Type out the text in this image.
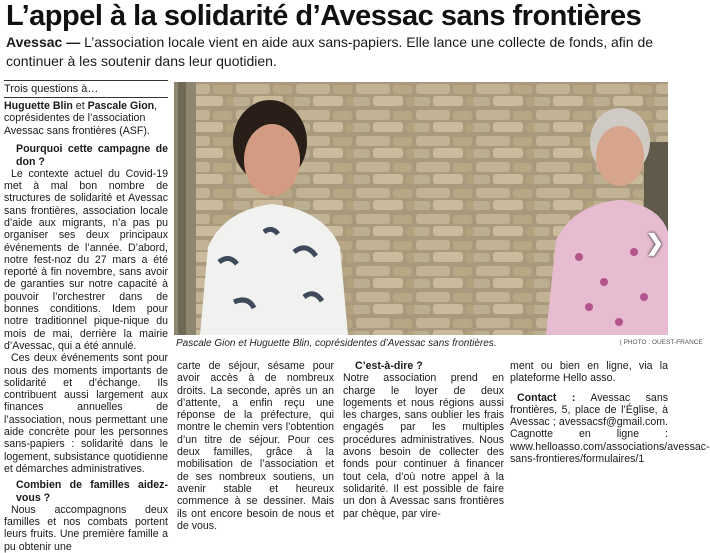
L’appel à la solidarité d’Avessac sans frontières
Avessac — L’association locale vient en aide aux sans-papiers. Elle lance une collecte de fonds, afin de continuer à les soutenir dans leur quotidien.
Trois questions à…
Huguette Blin et Pascale Gion, coprésidentes de l’association Avessac sans frontières (ASF).

Pourquoi cette campagne de don ?

Le contexte actuel du Covid-19 met à mal bon nombre de structures de solidarité et Avessac sans frontières, association locale d’aide aux migrants, n’a pas pu organiser ses deux principaux événements de l’année. D’abord, notre fest-noz du 27 mars a été reporté à fin novembre, sans avoir de garanties sur notre capacité à pouvoir l’orchestrer dans de bonnes conditions. Idem pour notre traditionnel pique-nique du mois de mai, derrière la mairie d’Avessac, qui a été annulé.

Ces deux événements sont pour nous des moments importants de solidarité et d’échange. Ils contribuent aussi largement aux finances annuelles de l’association, nous permettant une aide concrète pour les personnes sans-papiers : solidarité dans le logement, subsistance quotidienne et démarches administratives.

Combien de familles aidez-vous ?

Nous accompagnons deux familles et nos combats portent leurs fruits. Une première famille a pu obtenir une

❯
Pascale Gion et Huguette Blin, coprésidentes d’Avessac sans frontières.	| PHOTO : OUEST-FRANCE

carte de séjour, sésame pour avoir accès à de nombreux droits. La seconde, après un an d’attente, a enfin reçu une réponse de la préfecture, qui montre le chemin vers l’obtention d’un titre de séjour. Pour ces deux familles, grâce à la mobilisation de l’association et de ses nombreux soutiens, un avenir stable et heureux commence à se dessiner. Mais ils ont encore besoin de nous et de vous.

C’est-à-dire ?

Notre association prend en charge le loyer de deux logements et nous régions aussi les charges, sans oublier les frais engagés par les multiples procédures administratives. Nous avons besoin de collecter des fonds pour continuer à financer tout cela, d’où notre appel à la solidarité. Il est possible de faire un don à Avessac sans frontières par chèque, par vire-

ment ou bien en ligne, via la plateforme Hello asso.

Contact : Avessac sans frontières, 5, place de l’Église, à Avessac ; avessacsf@gmail.com. Cagnotte en ligne : www.helloasso.com/associations/avessac-sans-frontieres/formulaires/1
